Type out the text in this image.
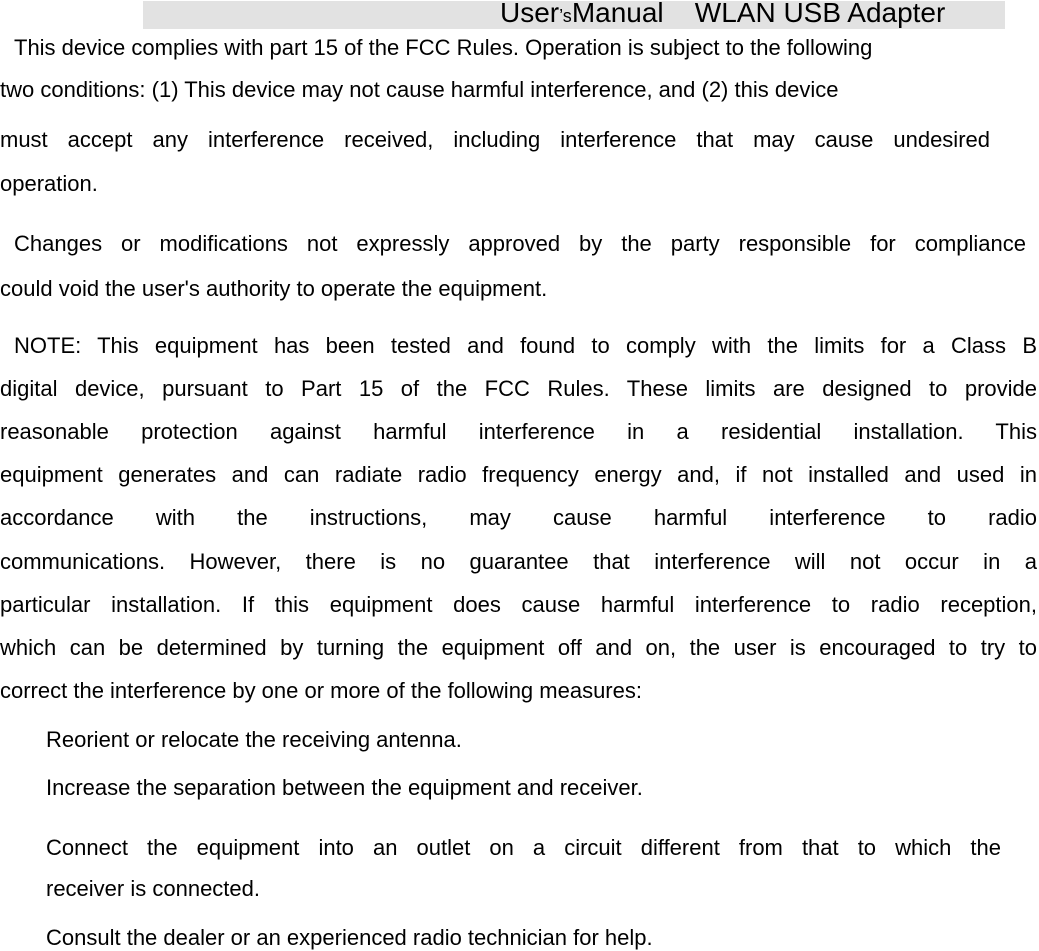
User’sManual WLAN USB Adapter
This device complies with part 15 of the FCC Rules. Operation is subject to the following
two conditions: (1) This device may not cause harmful interference, and (2) this device
must accept any interference received, including interference that may cause undesired
operation.
Changes or modifications not expressly approved by the party responsible for compliance
could void the user's authority to operate the equipment.
NOTE: This equipment has been tested and found to comply with the limits for a Class B
digital device, pursuant to Part 15 of the FCC Rules. These limits are designed to provide
reasonable protection against harmful interference in a residential installation. This
equipment generates and can radiate radio frequency energy and, if not installed and used in
accordance with the instructions, may cause harmful interference to radio
communications. However, there is no guarantee that interference will not occur in a
particular installation. If this equipment does cause harmful interference to radio reception,
which can be determined by turning the equipment off and on, the user is encouraged to try to
correct the interference by one or more of the following measures:
Reorient or relocate the receiving antenna.
Increase the separation between the equipment and receiver.
Connect the equipment into an outlet on a circuit different from that to which the
receiver is connected.
Consult the dealer or an experienced radio technician for help.
